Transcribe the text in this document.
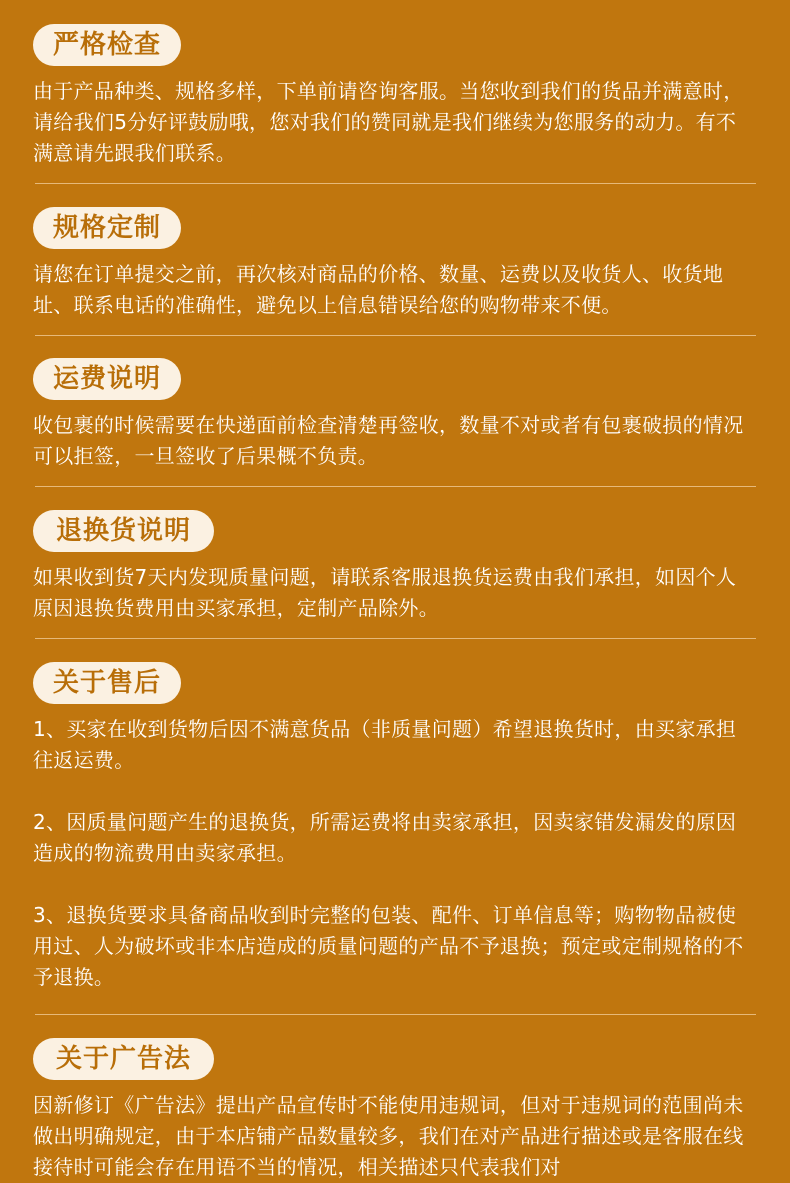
严格检查

由于产品种类、规格多样，下单前请咨询客服。当您收到我们的货品并满意时，请给我们5分好评鼓励哦，您对我们的赞同就是我们继续为您服务的动力。有不满意请先跟我们联系。

规格定制

请您在订单提交之前，再次核对商品的价格、数量、运费以及收货人、收货地址、联系电话的准确性，避免以上信息错误给您的购物带来不便。

运费说明

收包裹的时候需要在快递面前检查清楚再签收，数量不对或者有包裹破损的情况可以拒签，一旦签收了后果概不负责。

退换货说明

如果收到货7天内发现质量问题，请联系客服退换货运费由我们承担，如因个人原因退换货费用由买家承担，定制产品除外。

关于售后

1、买家在收到货物后因不满意货品（非质量问题）希望退换货时，由买家承担往返运费。

2、因质量问题产生的退换货，所需运费将由卖家承担，因卖家错发漏发的原因造成的物流费用由卖家承担。

3、退换货要求具备商品收到时完整的包装、配件、订单信息等；购物物品被使用过、人为破坏或非本店造成的质量问题的产品不予退换；预定或定制规格的不予退换。

关于广告法

因新修订《广告法》提出产品宣传时不能使用违规词，但对于违规词的范围尚未做出明确规定，由于本店铺产品数量较多，我们在对产品进行描述或是客服在线接待时可能会存在用语不当的情况，相关描述只代表我们对
